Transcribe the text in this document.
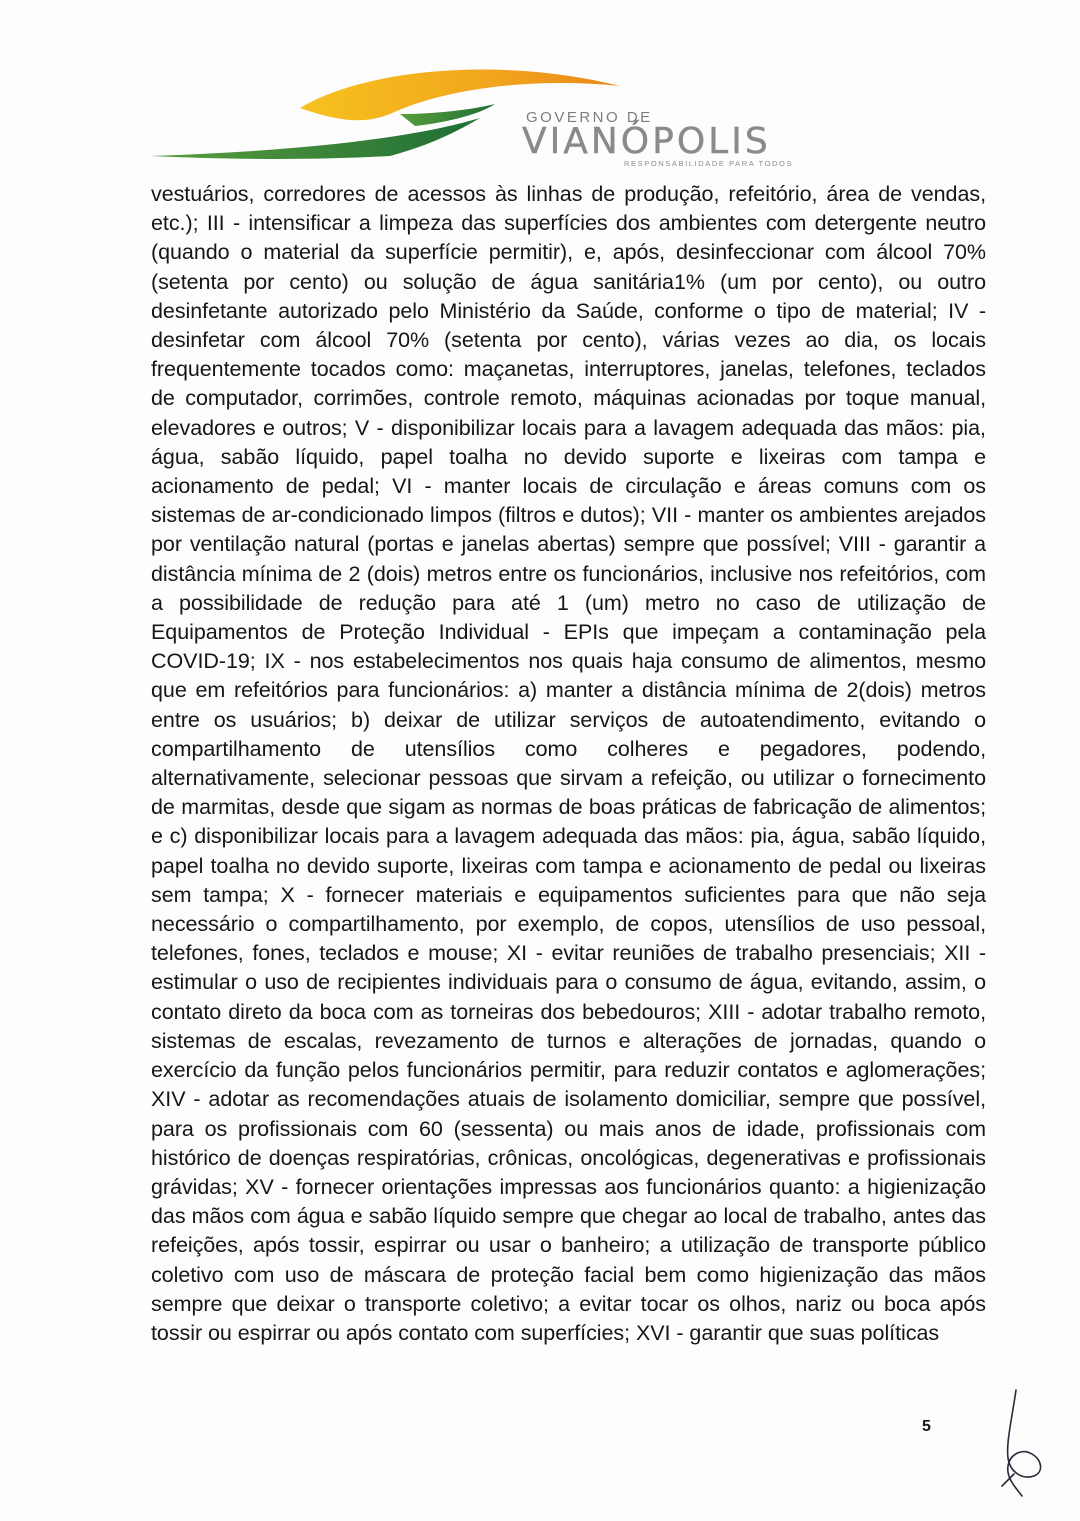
GOVERNO DE
VIANÓPOLIS
RESPONSABILIDADE PARA TODOS

vestuários, corredores de acessos às linhas de produção, refeitório, área de vendas, etc.); III - intensificar a limpeza das superfícies dos ambientes com detergente neutro (quando o material da superfície permitir), e, após, desinfeccionar com álcool 70% (setenta por cento) ou solução de água sanitária1% (um por cento), ou outro desinfetante autorizado pelo Ministério da Saúde, conforme o tipo de material; IV - desinfetar com álcool 70% (setenta por cento), várias vezes ao dia, os locais frequentemente tocados como: maçanetas, interruptores, janelas, telefones, teclados de computador, corrimões, controle remoto, máquinas acionadas por toque manual, elevadores e outros; V - disponibilizar locais para a lavagem adequada das mãos: pia, água, sabão líquido, papel toalha no devido suporte e lixeiras com tampa e acionamento de pedal; VI - manter locais de circulação e áreas comuns com os sistemas de ar-condicionado limpos (filtros e dutos); VII - manter os ambientes arejados por ventilação natural (portas e janelas abertas) sempre que possível; VIII - garantir a distância mínima de 2 (dois) metros entre os funcionários, inclusive nos refeitórios, com a possibilidade de redução para até 1 (um) metro no caso de utilização de Equipamentos de Proteção Individual - EPIs que impeçam a contaminação pela COVID-19; IX - nos estabelecimentos nos quais haja consumo de alimentos, mesmo que em refeitórios para funcionários: a) manter a distância mínima de 2(dois) metros entre os usuários; b) deixar de utilizar serviços de autoatendimento, evitando o compartilhamento de utensílios como colheres e pegadores, podendo, alternativamente, selecionar pessoas que sirvam a refeição, ou utilizar o fornecimento de marmitas, desde que sigam as normas de boas práticas de fabricação de alimentos; e c) disponibilizar locais para a lavagem adequada das mãos: pia, água, sabão líquido, papel toalha no devido suporte, lixeiras com tampa e acionamento de pedal ou lixeiras sem tampa; X - fornecer materiais e equipamentos suficientes para que não seja necessário o compartilhamento, por exemplo, de copos, utensílios de uso pessoal, telefones, fones, teclados e mouse; XI - evitar reuniões de trabalho presenciais; XII - estimular o uso de recipientes individuais para o consumo de água, evitando, assim, o contato direto da boca com as torneiras dos bebedouros; XIII - adotar trabalho remoto, sistemas de escalas, revezamento de turnos e alterações de jornadas, quando o exercício da função pelos funcionários permitir, para reduzir contatos e aglomerações; XIV - adotar as recomendações atuais de isolamento domiciliar, sempre que possível, para os profissionais com 60 (sessenta) ou mais anos de idade, profissionais com histórico de doenças respiratórias, crônicas, oncológicas, degenerativas e profissionais grávidas; XV - fornecer orientações impressas aos funcionários quanto: a higienização das mãos com água e sabão líquido sempre que chegar ao local de trabalho, antes das refeições, após tossir, espirrar ou usar o banheiro; a utilização de transporte público coletivo com uso de máscara de proteção facial bem como higienização das mãos sempre que deixar o transporte coletivo; a evitar tocar os olhos, nariz ou boca após tossir ou espirrar ou após contato com superfícies; XVI - garantir que suas políticas

5
